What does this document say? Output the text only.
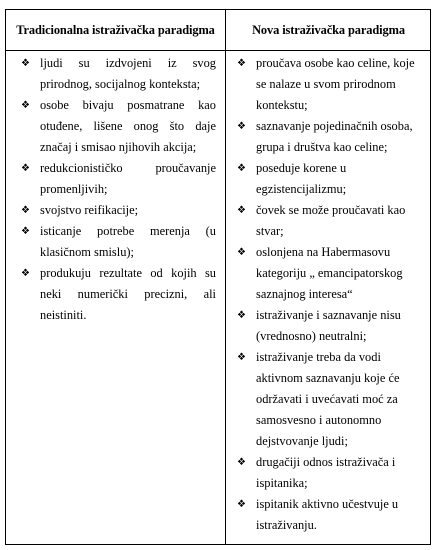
Tradicionalna istraživačka paradigma	Nova istraživačka paradigma
❖ ljudi su izdvojeni iz svog prirodnog, socijalnog konteksta;
❖ osobe bivaju posmatrane kao otuđene, lišene onog što daje značaj i smisao njihovih akcija;
❖ redukcionističko proučavanje promenljivih;
❖ svojstvo reifikacije;
❖ isticanje potrebe merenja (u klasičnom smislu);
❖ produkuju rezultate od kojih su neki numerički precizni, ali neistiniti.
❖ proučava osobe kao celine, koje se nalaze u svom prirodnom kontekstu;
❖ saznavanje pojedinačnih osoba, grupa i društva kao celine;
❖ poseduje korene u egzistencijalizmu;
❖ čovek se može proučavati kao stvar;
❖ oslonjena na Habermasovu kategoriju „ emancipatorskog saznajnog interesa“
❖ istraživanje i saznavanje nisu (vrednosno) neutralni;
❖ istraživanje treba da vodi aktivnom saznavanju koje će održavati i uvećavati moć za samosvesno i autonomno dejstvovanje ljudi;
❖ drugačiji odnos istraživača i ispitanika;
❖ ispitanik aktivno učestvuje u istraživanju.
